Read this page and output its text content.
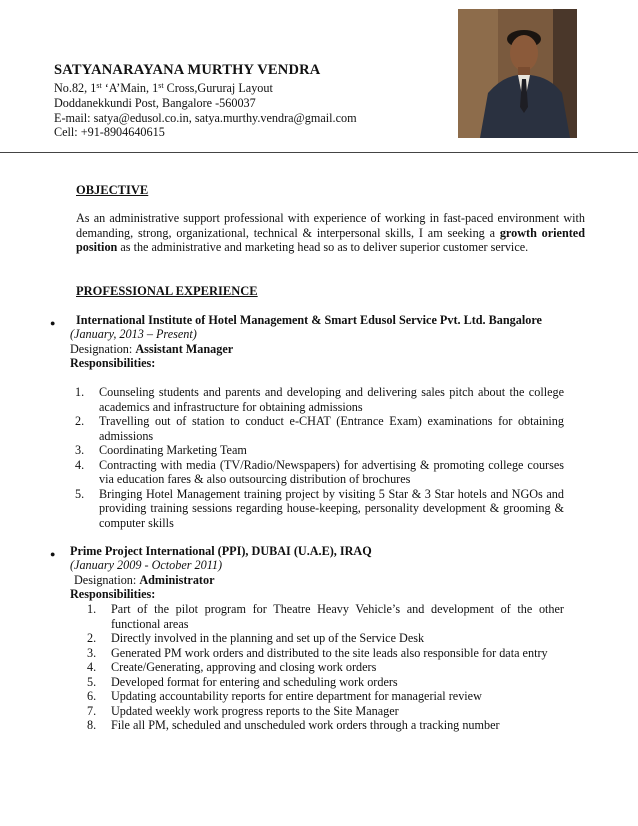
SATYANARAYANA MURTHY VENDRA
No.82, 1st ‘A’Main, 1st Cross,Gururaj Layout
Doddanekkundi Post, Bangalore -560037
E-mail: satya@edusol.co.in, satya.murthy.vendra@gmail.com
Cell: +91-8904640615
OBJECTIVE
As an administrative support professional with experience of working in fast-paced environment with demanding, strong, organizational, technical & interpersonal skills, I am seeking a growth oriented position as the administrative and marketing head so as to deliver superior customer service.
PROFESSIONAL EXPERIENCE
● International Institute of Hotel Management & Smart Edusol Service Pvt. Ltd. Bangalore
(January, 2013 – Present)
Designation: Assistant Manager
Responsibilities:
1. Counseling students and parents and developing and delivering sales pitch about the college academics and infrastructure for obtaining admissions
2. Travelling out of station to conduct e-CHAT (Entrance Exam) examinations for obtaining admissions
3. Coordinating Marketing Team
4. Contracting with media (TV/Radio/Newspapers) for advertising & promoting college courses via education fares & also outsourcing distribution of brochures
5. Bringing Hotel Management training project by visiting 5 Star & 3 Star hotels and NGOs and providing training sessions regarding house-keeping, personality development & grooming & computer skills
● Prime Project International (PPI), DUBAI (U.A.E), IRAQ
(January 2009 - October 2011)
Designation: Administrator
Responsibilities:
1. Part of the pilot program for Theatre Heavy Vehicle’s and development of the other functional areas
2. Directly involved in the planning and set up of the Service Desk
3. Generated PM work orders and distributed to the site leads also responsible for data entry
4. Create/Generating, approving and closing work orders
5. Developed format for entering and scheduling work orders
6. Updating accountability reports for entire department for managerial review
7. Updated weekly work progress reports to the Site Manager
8. File all PM, scheduled and unscheduled work orders through a tracking number
